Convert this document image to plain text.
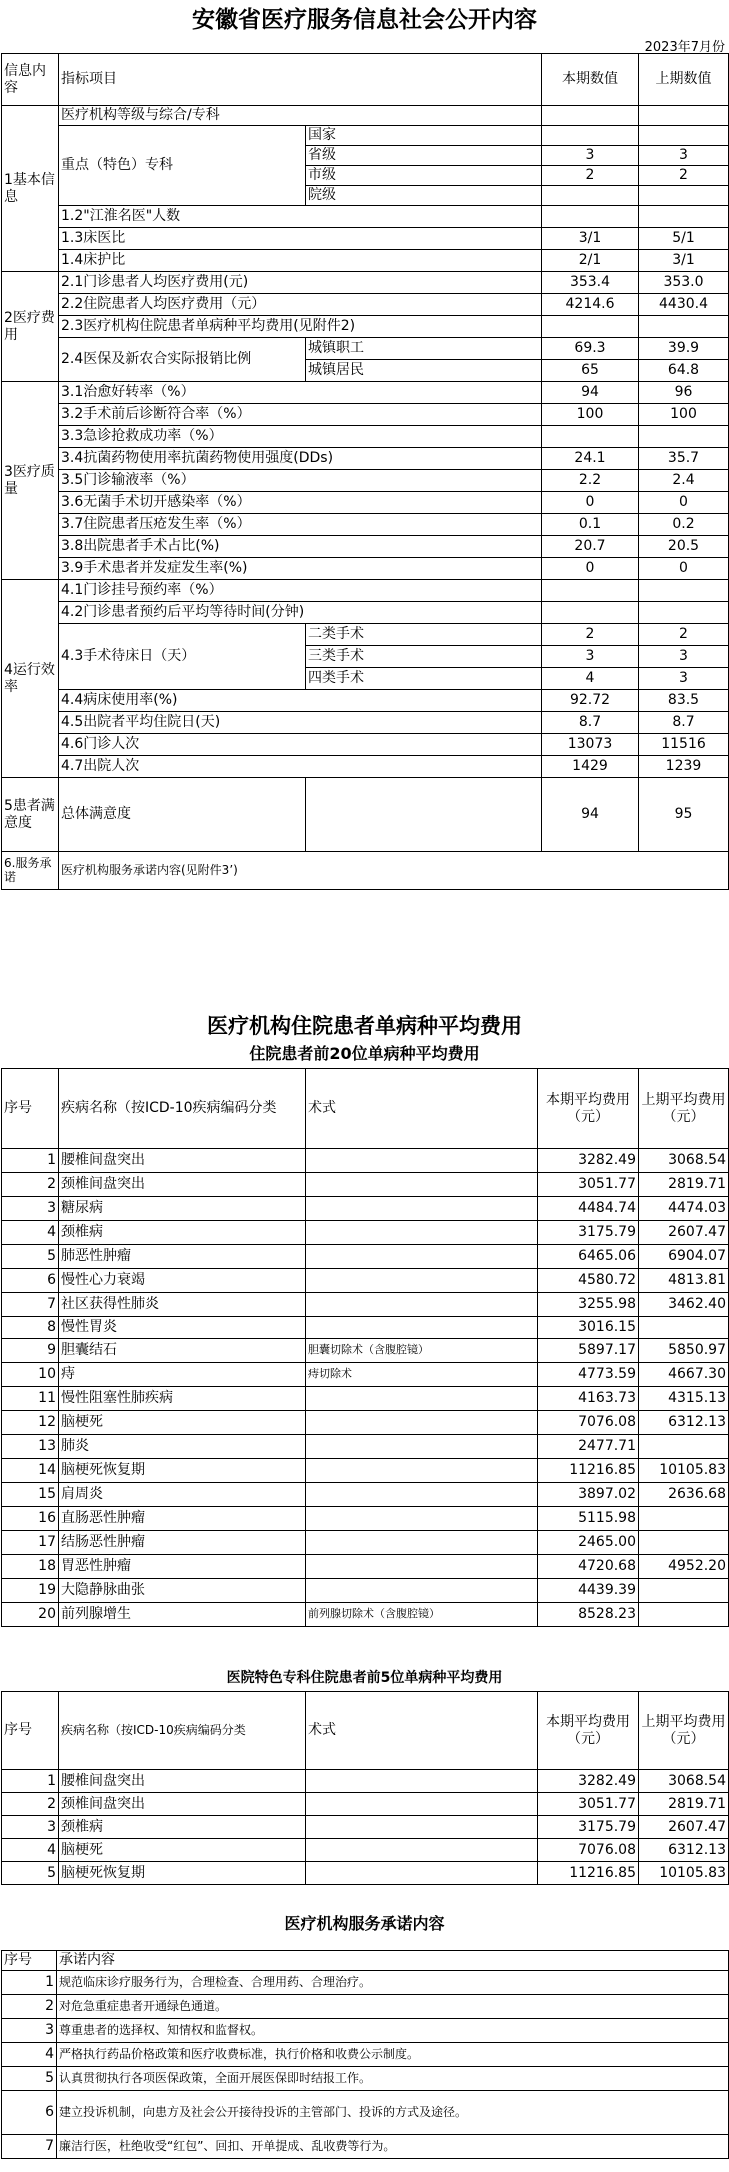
安徽省医疗服务信息社会公开内容
2023年7月份
信息内容	指标项目		本期数值	上期数值
1基本信息	医疗机构等级与综合/专科			
	重点（特色）专科	国家		
		省级	3	3
		市级	2	2
		院级		
	1.2"江淮名医"人数			
	1.3床医比		3/1	5/1
	1.4床护比		2/1	3/1
2医疗费用	2.1门诊患者人均医疗费用(元)		353.4	353.0
	2.2住院患者人均医疗费用（元）		4214.6	4430.4
	2.3医疗机构住院患者单病种平均费用(见附件2)			
	2.4医保及新农合实际报销比例	城镇职工	69.3	39.9
		城镇居民	65	64.8
3医疗质量	3.1治愈好转率（%）		94	96
	3.2手术前后诊断符合率（%）		100	100
	3.3急诊抢救成功率（%）			
	3.4抗菌药物使用率抗菌药物使用强度(DDs)		24.1	35.7
	3.5门诊输液率（%）		2.2	2.4
	3.6无菌手术切开感染率（%）		0	0
	3.7住院患者压疮发生率（%）		0.1	0.2
	3.8出院患者手术占比(%)		20.7	20.5
	3.9手术患者并发症发生率(%)		0	0
4运行效率	4.1门诊挂号预约率（%）			
	4.2门诊患者预约后平均等待时间(分钟)			
	4.3手术待床日（天）	二类手术	2	2
		三类手术	3	3
		四类手术	4	3
	4.4病床使用率(%)		92.72	83.5
	4.5出院者平均住院日(天)		8.7	8.7
	4.6门诊人次		13073	11516
	4.7出院人次		1429	1239
5患者满意度	总体满意度		94	95
6.服务承诺	医疗机构服务承诺内容(见附件3’)			
医疗机构住院患者单病种平均费用
住院患者前20位单病种平均费用
序号	疾病名称（按ICD-10疾病编码分类	术式	本期平均费用（元）	上期平均费用（元）
1	腰椎间盘突出		3282.49	3068.54
2	颈椎间盘突出		3051.77	2819.71
3	糖尿病		4484.74	4474.03
4	颈椎病		3175.79	2607.47
5	肺恶性肿瘤		6465.06	6904.07
6	慢性心力衰竭		4580.72	4813.81
7	社区获得性肺炎		3255.98	3462.40
8	慢性胃炎		3016.15	
9	胆囊结石	胆囊切除术（含腹腔镜）	5897.17	5850.97
10	痔	痔切除术	4773.59	4667.30
11	慢性阻塞性肺疾病		4163.73	4315.13
12	脑梗死		7076.08	6312.13
13	肺炎		2477.71	
14	脑梗死恢复期		11216.85	10105.83
15	肩周炎		3897.02	2636.68
16	直肠恶性肿瘤		5115.98	
17	结肠恶性肿瘤		2465.00	
18	胃恶性肿瘤		4720.68	4952.20
19	大隐静脉曲张		4439.39	
20	前列腺增生	前列腺切除术（含腹腔镜）	8528.23	
医院特色专科住院患者前5位单病种平均费用
序号	疾病名称（按ICD-10疾病编码分类	术式	本期平均费用（元）	上期平均费用（元）
1	腰椎间盘突出		3282.49	3068.54
2	颈椎间盘突出		3051.77	2819.71
3	颈椎病		3175.79	2607.47
4	脑梗死		7076.08	6312.13
5	脑梗死恢复期		11216.85	10105.83
医疗机构服务承诺内容
序号	承诺内容
1	规范临床诊疗服务行为，合理检查、合理用药、合理治疗。
2	对危急重症患者开通绿色通道。
3	尊重患者的选择权、知情权和监督权。
4	严格执行药品价格政策和医疗收费标准，执行价格和收费公示制度。
5	认真贯彻执行各项医保政策，全面开展医保即时结报工作。
6	建立投诉机制，向患方及社会公开接待投诉的主管部门、投诉的方式及途径。
7	廉洁行医，杜绝收受“红包”、回扣、开单提成、乱收费等行为。
